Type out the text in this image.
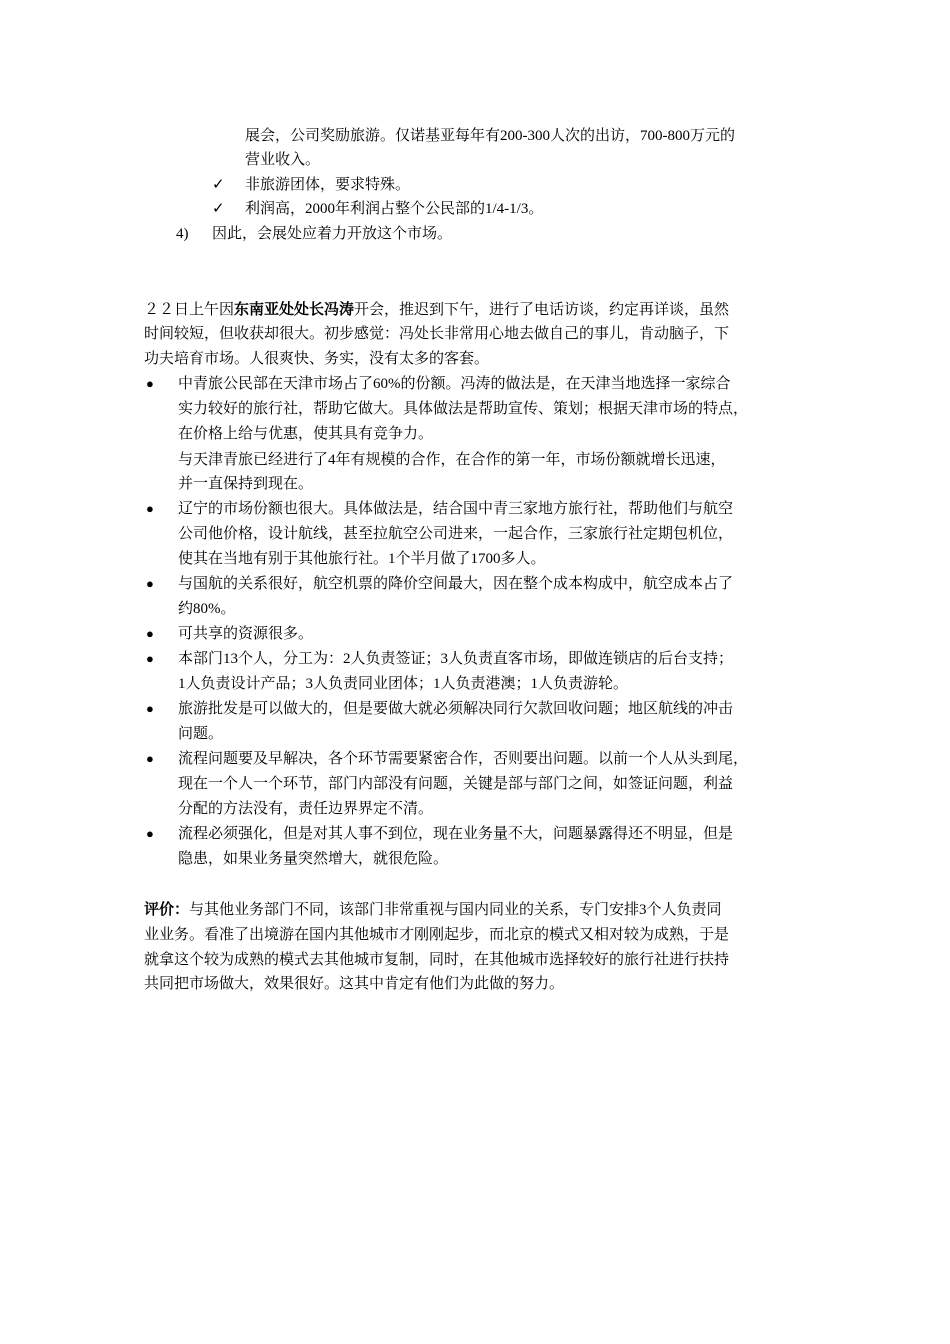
展会，公司奖励旅游。仅诺基亚每年有200-300人次的出访，700-800万元的
营业收入。
✓ 非旅游团体，要求特殊。
✓ 利润高，2000年利润占整个公民部的1/4-1/3。
4) 因此，会展处应着力开放这个市场。
２２日上午因东南亚处处长冯涛开会，推迟到下午，进行了电话访谈，约定再详谈，虽然
时间较短，但收获却很大。初步感觉：冯处长非常用心地去做自己的事儿，肯动脑子，下
功夫培育市场。人很爽快、务实，没有太多的客套。
● 中青旅公民部在天津市场占了60%的份额。冯涛的做法是，在天津当地选择一家综合
实力较好的旅行社，帮助它做大。具体做法是帮助宣传、策划；根据天津市场的特点，
在价格上给与优惠，使其具有竞争力。
与天津青旅已经进行了4年有规模的合作，在合作的第一年，市场份额就增长迅速，
并一直保持到现在。
● 辽宁的市场份额也很大。具体做法是，结合国中青三家地方旅行社，帮助他们与航空
公司他价格，设计航线，甚至拉航空公司进来，一起合作，三家旅行社定期包机位，
使其在当地有别于其他旅行社。1个半月做了1700多人。
● 与国航的关系很好，航空机票的降价空间最大，因在整个成本构成中，航空成本占了
约80%。
● 可共享的资源很多。
● 本部门13个人，分工为：2人负责签证；3人负责直客市场，即做连锁店的后台支持；
1人负责设计产品；3人负责同业团体；1人负责港澳；1人负责游轮。
● 旅游批发是可以做大的，但是要做大就必须解决同行欠款回收问题；地区航线的冲击
问题。
● 流程问题要及早解决，各个环节需要紧密合作，否则要出问题。以前一个人从头到尾，
现在一个人一个环节，部门内部没有问题，关键是部与部门之间，如签证问题，利益
分配的方法没有，责任边界界定不清。
● 流程必须强化，但是对其人事不到位，现在业务量不大，问题暴露得还不明显，但是
隐患，如果业务量突然增大，就很危险。
评价：与其他业务部门不同，该部门非常重视与国内同业的关系，专门安排3个人负责同
业业务。看准了出境游在国内其他城市才刚刚起步，而北京的模式又相对较为成熟，于是
就拿这个较为成熟的模式去其他城市复制，同时，在其他城市选择较好的旅行社进行扶持
共同把市场做大，效果很好。这其中肯定有他们为此做的努力。
